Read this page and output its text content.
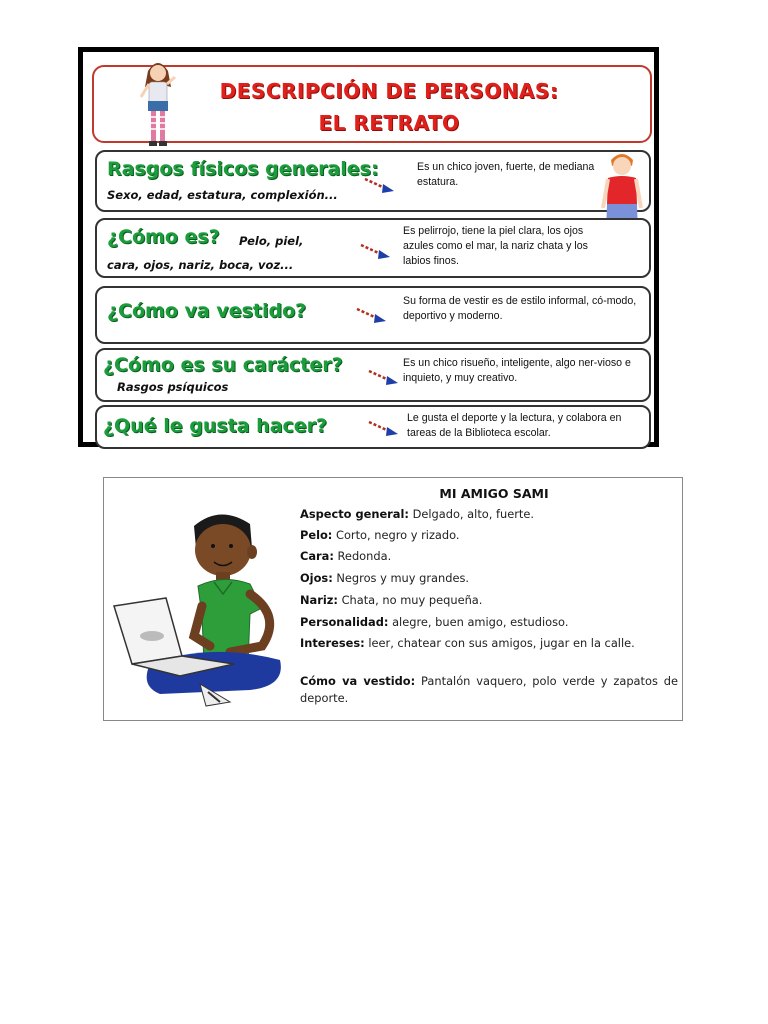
DESCRIPCIÓN DE PERSONAS:
EL RETRATO
Rasgos físicos generales:
Sexo, edad, estatura, complexión...
Es un chico joven, fuerte, de mediana estatura.
¿Cómo es? Pelo, piel,
cara, ojos, nariz, boca, voz...
Es pelirrojo, tiene la piel clara, los ojos azules como el mar, la nariz chata y los labios finos.
¿Cómo va vestido?	Su forma de vestir es de estilo informal, có-modo, deportivo y moderno.
¿Cómo es su carácter?
Rasgos psíquicos
Es un chico risueño, inteligente, algo ner-vioso e inquieto, y muy creativo.
¿Qué le gusta hacer?	Le gusta el deporte y la lectura, y colabora en tareas de la Biblioteca escolar.
MI AMIGO SAMI
Aspecto general: Delgado, alto, fuerte.
Pelo: Corto, negro y rizado.
Cara: Redonda.
Ojos: Negros y muy grandes.
Nariz: Chata, no muy pequeña.
Personalidad: alegre, buen amigo, estudioso.
Intereses: leer, chatear con sus amigos, jugar en la calle.
Cómo va vestido: Pantalón vaquero, polo verde y zapatos de deporte.
